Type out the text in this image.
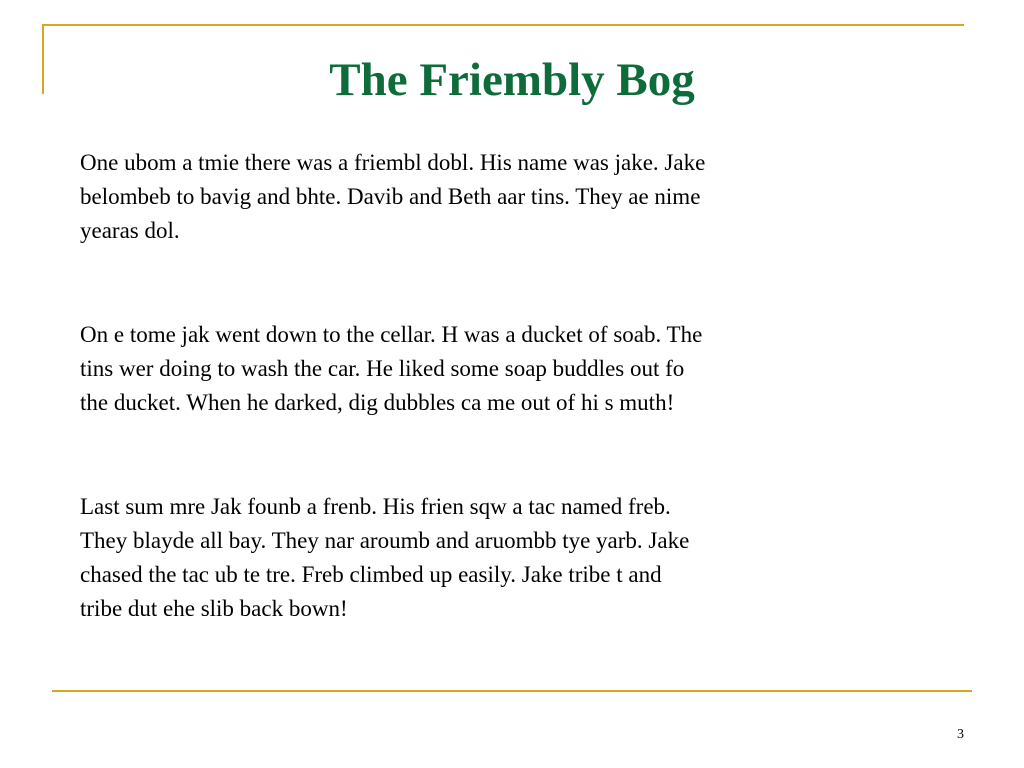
The Friembly Bog

One ubom a tmie there was a friembl dobl. His name was jake. Jake
belombeb to bavig and bhte. Davib and Beth aar tins. They ae nime
yearas dol.

On e tome jak went down to the cellar. H was a ducket of soab. The
tins wer doing to wash the car. He liked some soap buddles out fo
the ducket. When he darked, dig dubbles ca me out of hi s muth!

Last sum mre Jak founb a frenb. His frien sqw a tac named freb.
They blayde all bay. They nar aroumb and aruombb tye yarb. Jake
chased the tac ub te tre. Freb climbed up easily. Jake tribe t and
tribe dut ehe slib back bown!

3
